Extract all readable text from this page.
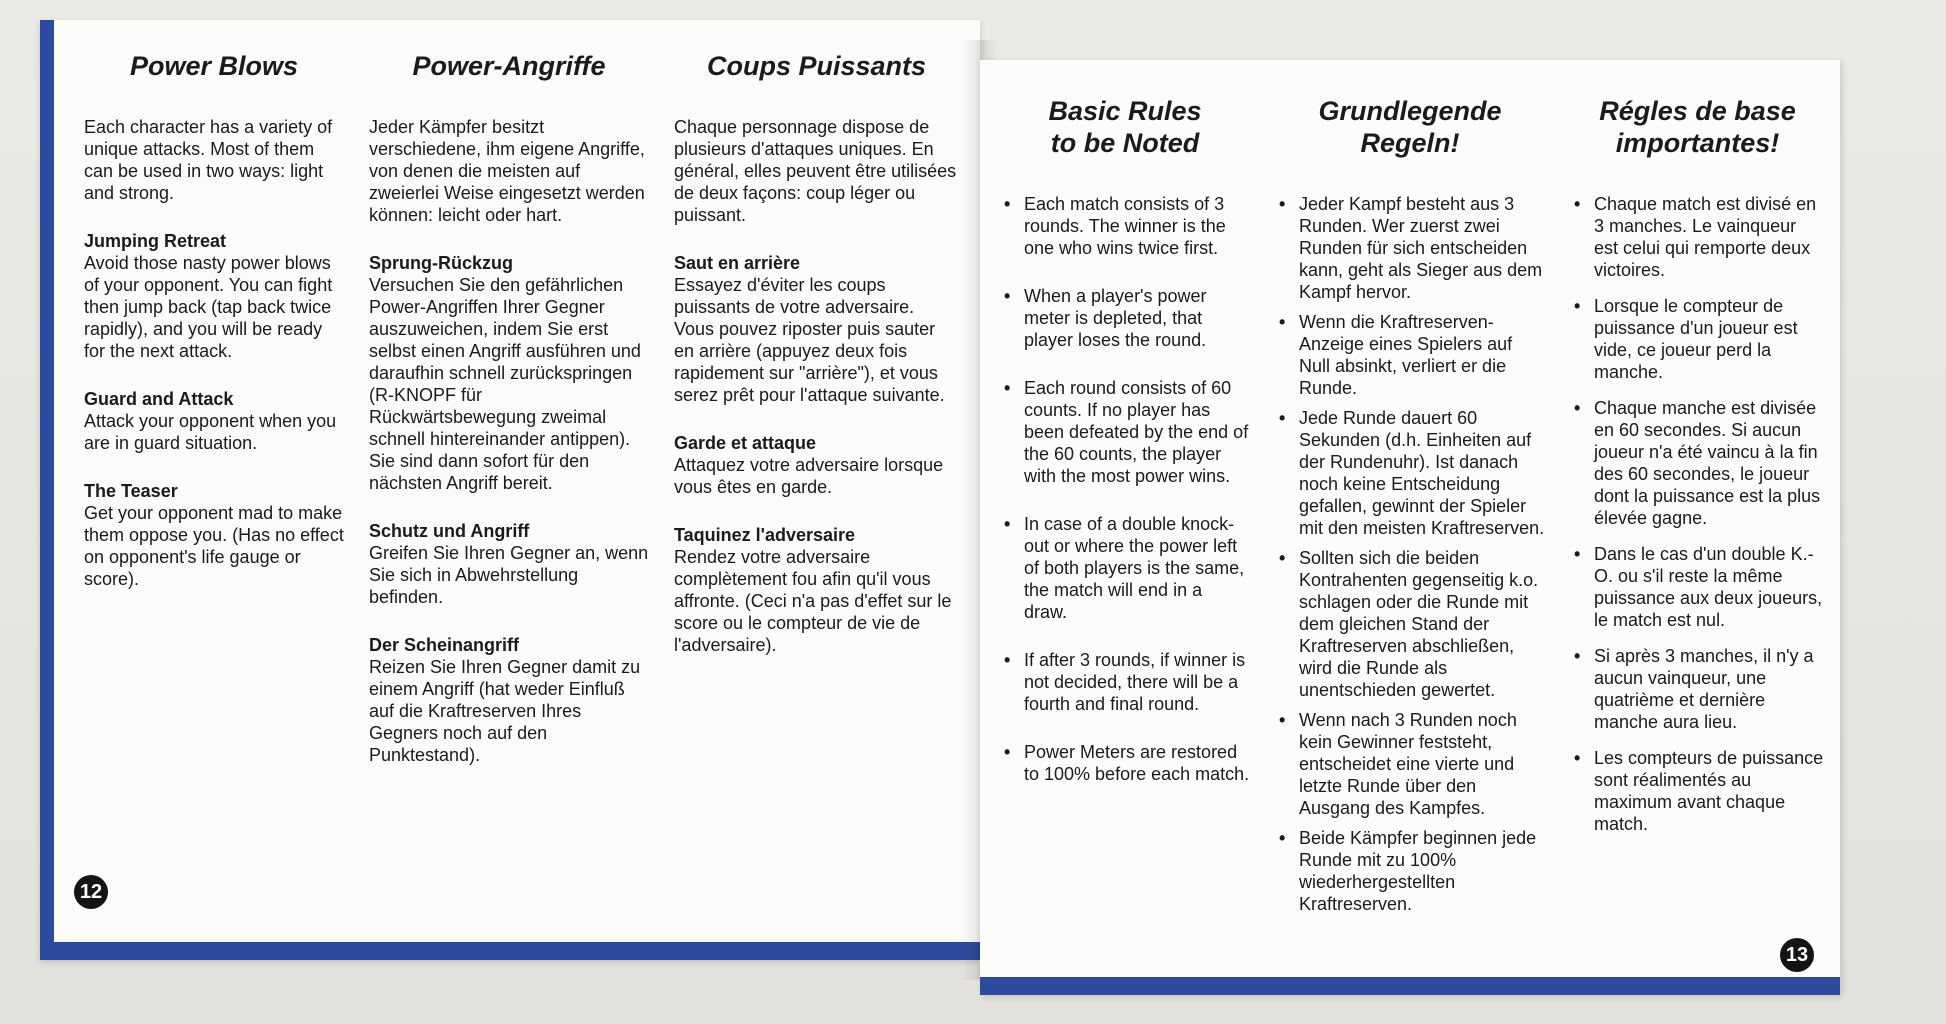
Power Blows

Each character has a variety of unique attacks. Most of them can be used in two ways: light and strong.

Jumping Retreat

Avoid those nasty power blows of your opponent. You can fight then jump back (tap back twice rapidly), and you will be ready for the next attack.

Guard and Attack

Attack your opponent when you are in guard situation.

The Teaser

Get your opponent mad to make them oppose you. (Has no effect on opponent's life gauge or score).

Power-Angriffe

Jeder Kämpfer besitzt verschiedene, ihm eigene Angriffe, von denen die meisten auf zweierlei Weise eingesetzt werden können: leicht oder hart.

Sprung-Rückzug

Versuchen Sie den gefährlichen Power-Angriffen Ihrer Gegner auszuweichen, indem Sie erst selbst einen Angriff ausführen und daraufhin schnell zurückspringen (R-KNOPF für Rückwärtsbewegung zweimal schnell hintereinander antippen). Sie sind dann sofort für den nächsten Angriff bereit.

Schutz und Angriff

Greifen Sie Ihren Gegner an, wenn Sie sich in Abwehrstellung befinden.

Der Scheinangriff

Reizen Sie Ihren Gegner damit zu einem Angriff (hat weder Einfluß auf die Kraftreserven Ihres Gegners noch auf den Punktestand).

Coups Puissants

Chaque personnage dispose de plusieurs d'attaques uniques. En général, elles peuvent être utilisées de deux façons: coup léger ou puissant.

Saut en arrière

Essayez d'éviter les coups puissants de votre adversaire. Vous pouvez riposter puis sauter en arrière (appuyez deux fois rapidement sur "arrière"), et vous serez prêt pour l'attaque suivante.

Garde et attaque

Attaquez votre adversaire lorsque vous êtes en garde.

Taquinez l'adversaire

Rendez votre adversaire complètement fou afin qu'il vous affronte. (Ceci n'a pas d'effet sur le score ou le compteur de vie de l'adversaire).

12
Basic Rules
to be Noted
• Each match consists of 3 rounds. The winner is the one who wins twice first.
• When a player's power meter is depleted, that player loses the round.
• Each round consists of 60 counts. If no player has been defeated by the end of the 60 counts, the player with the most power wins.
• In case of a double knock-out or where the power left of both players is the same, the match will end in a draw.
• If after 3 rounds, if winner is not decided, there will be a fourth and final round.
• Power Meters are restored to 100% before each match.
Grundlegende
Regeln!
• Jeder Kampf besteht aus 3 Runden. Wer zuerst zwei Runden für sich entscheiden kann, geht als Sieger aus dem Kampf hervor.
• Wenn die Kraftreserven-Anzeige eines Spielers auf Null absinkt, verliert er die Runde.
• Jede Runde dauert 60 Sekunden (d.h. Einheiten auf der Rundenuhr). Ist danach noch keine Entscheidung gefallen, gewinnt der Spieler mit den meisten Kraftreserven.
• Sollten sich die beiden Kontrahenten gegenseitig k.o. schlagen oder die Runde mit dem gleichen Stand der Kraftreserven abschließen, wird die Runde als unentschieden gewertet.
• Wenn nach 3 Runden noch kein Gewinner feststeht, entscheidet eine vierte und letzte Runde über den Ausgang des Kampfes.
• Beide Kämpfer beginnen jede Runde mit zu 100% wiederhergestellten Kraftreserven.
Régles de base
importantes!
• Chaque match est divisé en 3 manches. Le vainqueur est celui qui remporte deux victoires.
• Lorsque le compteur de puissance d'un joueur est vide, ce joueur perd la manche.
• Chaque manche est divisée en 60 secondes. Si aucun joueur n'a été vaincu à la fin des 60 secondes, le joueur dont la puissance est la plus élevée gagne.
• Dans le cas d'un double K.-O. ou s'il reste la même puissance aux deux joueurs, le match est nul.
• Si après 3 manches, il n'y a aucun vainqueur, une quatrième et dernière manche aura lieu.
• Les compteurs de puissance sont réalimentés au maximum avant chaque match.
13
